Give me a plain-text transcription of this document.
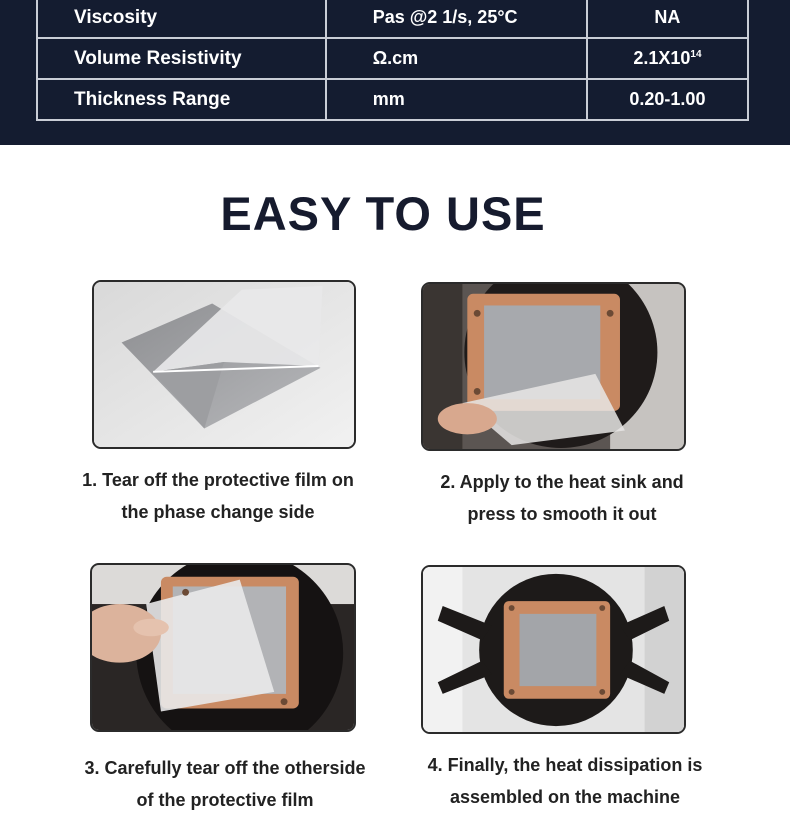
Viscosity	Pas @2 1/s, 25°C	NA
Volume Resistivity	Ω.cm	$2.1X10^{14}$
Thickness Range	mm	0.20-1.00
EASY TO USE
1. Tear off the protective film on
the phase change side
2. Apply to the heat sink and
press to smooth it out
3. Carefully tear off the otherside
of the protective film
4. Finally, the heat dissipation is
assembled on the machine
